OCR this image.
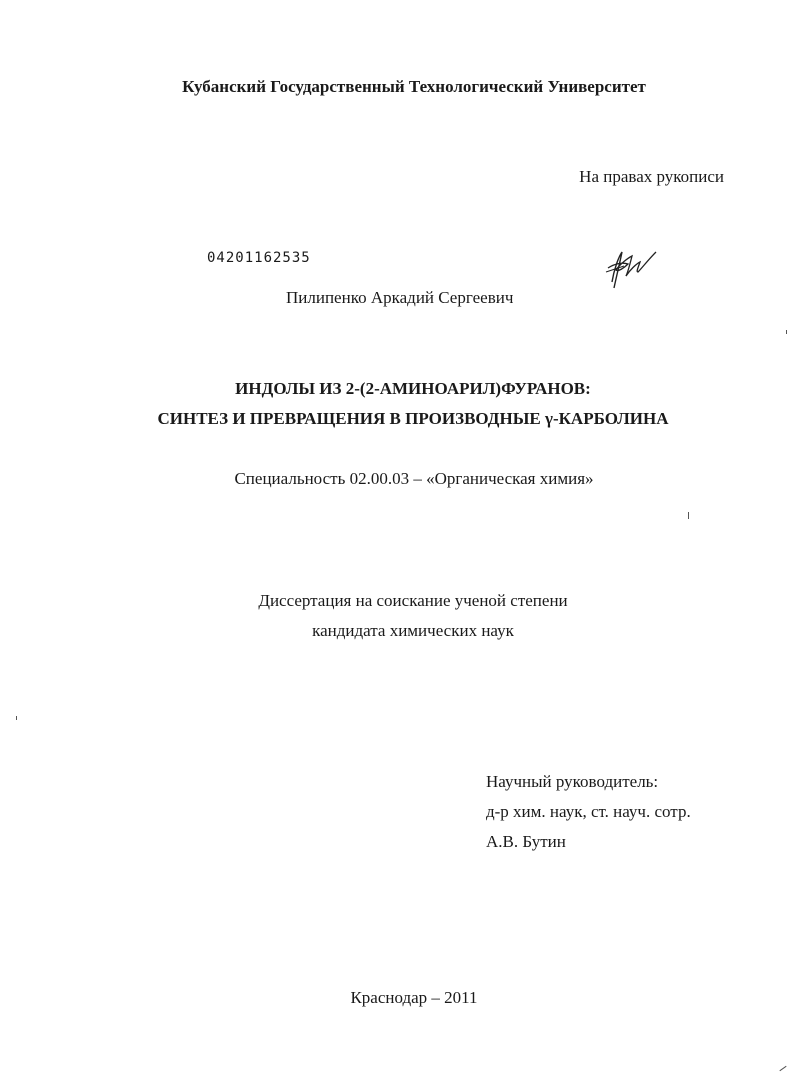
Кубанский Государственный Технологический Университет
На правах рукописи
04201162535
Пилипенко Аркадий Сергеевич
ИНДОЛЫ ИЗ 2-(2-АМИНОАРИЛ)ФУРАНОВ:
СИНТЕЗ И ПРЕВРАЩЕНИЯ В ПРОИЗВОДНЫЕ γ-КАРБОЛИНА
Специальность 02.00.03 – «Органическая химия»
Диссертация на соискание ученой степени
кандидата химических наук
Научный руководитель:
д-р хим. наук, ст. науч. сотр.
А.В. Бутин
Краснодар – 2011
